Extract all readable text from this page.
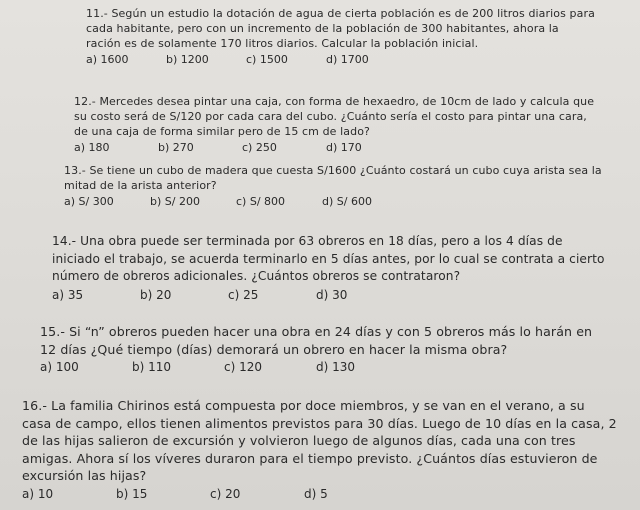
11.- Según un estudio la dotación de agua de cierta población es de 200 litros diarios para cada habitante, pero con un incremento de la población de 300 habitantes, ahora la ración es de solamente 170 litros diarios. Calcular la población inicial.
a) 1600	b) 1200	c) 1500	d) 1700
12.- Mercedes desea pintar una caja, con forma de hexaedro, de 10cm de lado y calcula que su costo será de S/120 por cada cara del cubo. ¿Cuánto sería el costo para pintar una cara, de una caja de forma similar pero de 15 cm de lado?
a) 180	b) 270	c) 250	d) 170
13.- Se tiene un cubo de madera que cuesta S/1600 ¿Cuánto costará un cubo cuya arista sea la mitad de la arista anterior?
a) S/ 300	b) S/ 200	c) S/ 800	d) S/ 600
14.- Una obra puede ser terminada por 63 obreros en 18 días, pero a los 4 días de iniciado el trabajo, se acuerda terminarlo en 5 días antes, por lo cual se contrata a cierto número de obreros adicionales. ¿Cuántos obreros se contrataron?
a) 35	b) 20	c) 25	d) 30
15.- Si “n” obreros pueden hacer una obra en 24 días y con 5 obreros más lo harán en 12 días ¿Qué tiempo (días) demorará un obrero en hacer la misma obra?
a) 100	b) 110	c) 120	d) 130
16.- La familia Chirinos está compuesta por doce miembros, y se van en el verano, a su casa de campo, ellos tienen alimentos previstos para 30 días. Luego de 10 días en la casa, 2 de las hijas salieron de excursión y volvieron luego de algunos días, cada una con tres amigas. Ahora sí los víveres duraron para el tiempo previsto. ¿Cuántos días estuvieron de excursión las hijas?
a) 10	b) 15	c) 20	d) 5
